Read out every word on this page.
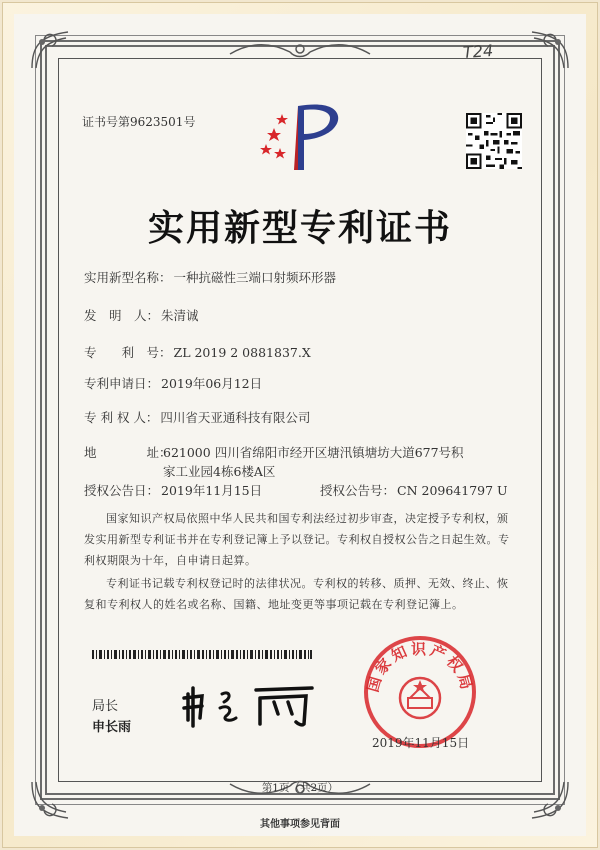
T24
证书号第9623501号
实用新型专利证书
实用新型名称： 一种抗磁性三端口射频环形器
发　明　人： 朱清诚
专　　利　号： ZL 2019 2 0881837.X
专利申请日： 2019年06月12日
专 利 权 人： 四川省天亚通科技有限公司
地　　　　址：
621000 四川省绵阳市经开区塘汛镇塘坊大道677号积家工业园4栋6楼A区
授权公告日： 2019年11月15日	授权公告号： CN 209641797 U
国家知识产权局依照中华人民共和国专利法经过初步审查，决定授予专利权，颁发实用新型专利证书并在专利登记簿上予以登记。专利权自授权公告之日起生效。专利权期限为十年，自申请日起算。
专利证书记载专利权登记时的法律状况。专利权的转移、质押、无效、终止、恢复和专利权人的姓名或名称、国籍、地址变更等事项记载在专利登记簿上。
局长
申长雨
国家知识产权局
2019年11月15日
第1页（共2页）
其他事项参见背面
